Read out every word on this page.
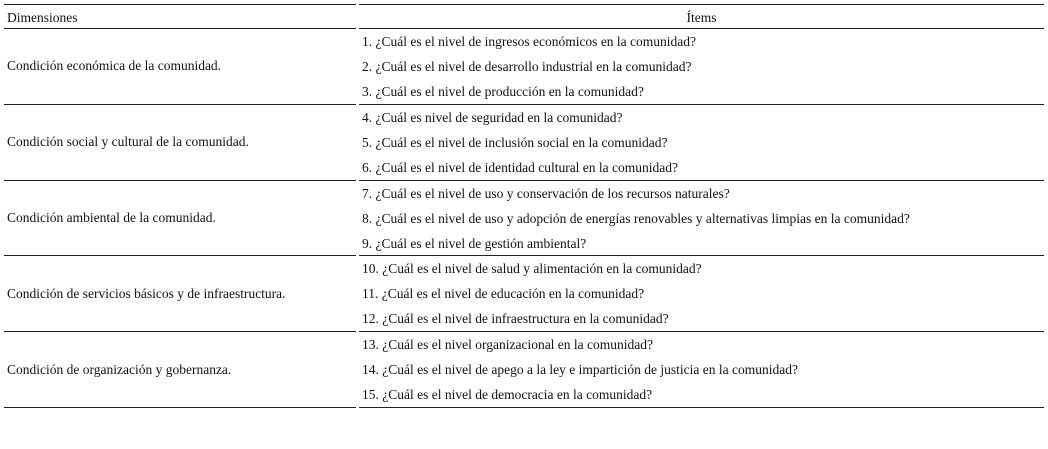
Dimensiones	Ítems
Condición económica de la comunidad.
1. ¿Cuál es el nivel de ingresos económicos en la comunidad?
2. ¿Cuál es el nivel de desarrollo industrial en la comunidad?
3. ¿Cuál es el nivel de producción en la comunidad?
Condición social y cultural de la comunidad.
4. ¿Cuál es nivel de seguridad en la comunidad?
5. ¿Cuál es el nivel de inclusión social en la comunidad?
6. ¿Cuál es el nivel de identidad cultural en la comunidad?
Condición ambiental de la comunidad.
7. ¿Cuál es el nivel de uso y conservación de los recursos naturales?
8. ¿Cuál es el nivel de uso y adopción de energías renovables y alternativas limpias en la comunidad?
9. ¿Cuál es el nivel de gestión ambiental?
Condición de servicios básicos y de infraestructura.
10. ¿Cuál es el nivel de salud y alimentación en la comunidad?
11. ¿Cuál es el nivel de educación en la comunidad?
12. ¿Cuál es el nivel de infraestructura en la comunidad?
Condición de organización y gobernanza.
13. ¿Cuál es el nivel organizacional en la comunidad?
14. ¿Cuál es el nivel de apego a la ley e impartición de justicia en la comunidad?
15. ¿Cuál es el nivel de democracia en la comunidad?
